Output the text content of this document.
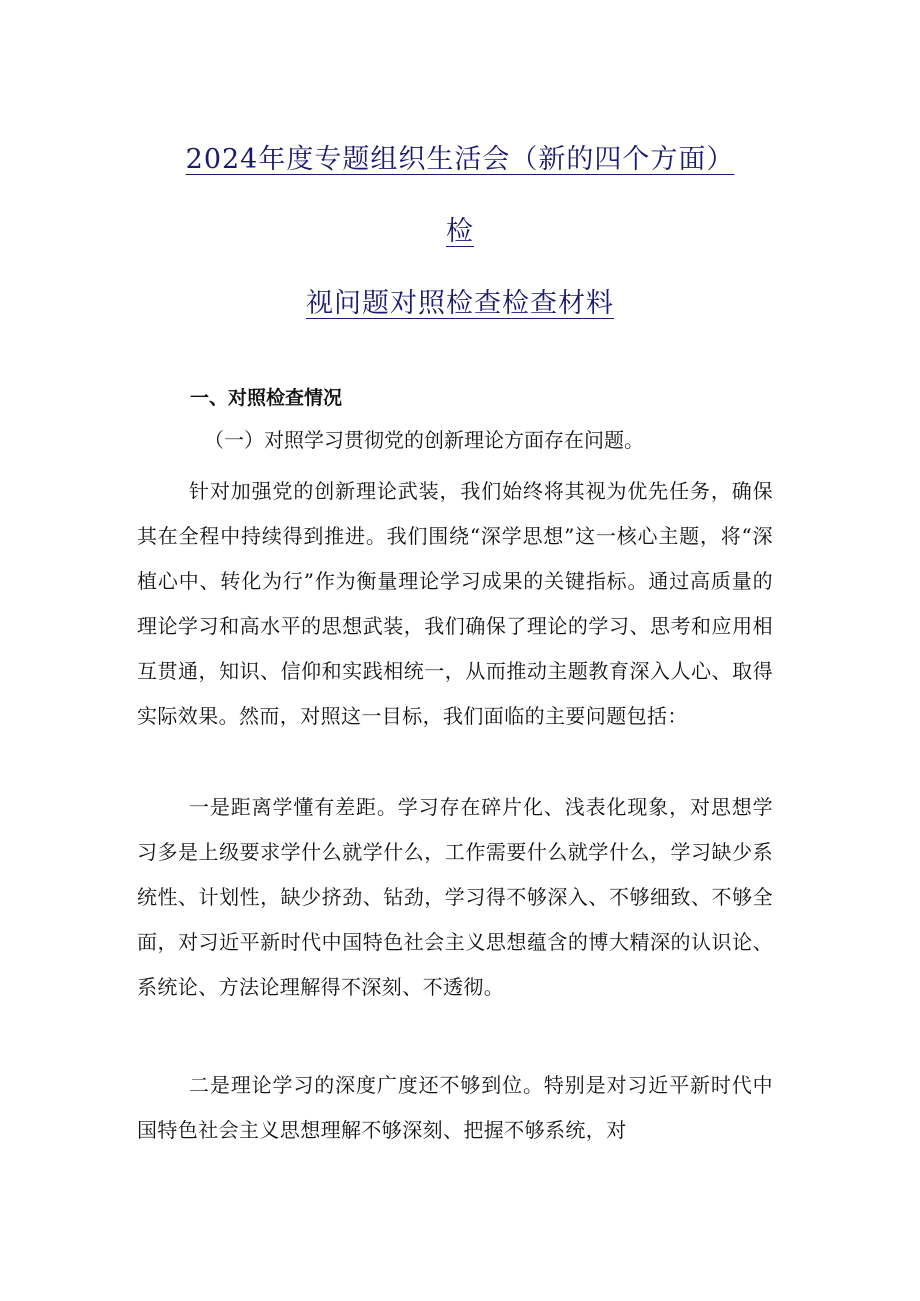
2024年度专题组织生活会（新的四个方面）
检
视问题对照检查检查材料
一、对照检查情况
（一）对照学习贯彻党的创新理论方面存在问题。
针对加强党的创新理论武装，我们始终将其视为优先任务，确保其在全程中持续得到推进。我们围绕“深学思想”这一核心主题，将“深植心中、转化为行”作为衡量理论学习成果的关键指标。通过高质量的理论学习和高水平的思想武装，我们确保了理论的学习、思考和应用相互贯通，知识、信仰和实践相统一，从而推动主题教育深入人心、取得实际效果。然而，对照这一目标，我们面临的主要问题包括：
一是距离学懂有差距。学习存在碎片化、浅表化现象，对思想学习多是上级要求学什么就学什么，工作需要什么就学什么，学习缺少系统性、计划性，缺少挤劲、钻劲，学习得不够深入、不够细致、不够全面，对习近平新时代中国特色社会主义思想蕴含的博大精深的认识论、系统论、方法论理解得不深刻、不透彻。
二是理论学习的深度广度还不够到位。特别是对习近平新时代中国特色社会主义思想理解不够深刻、把握不够系统，对
